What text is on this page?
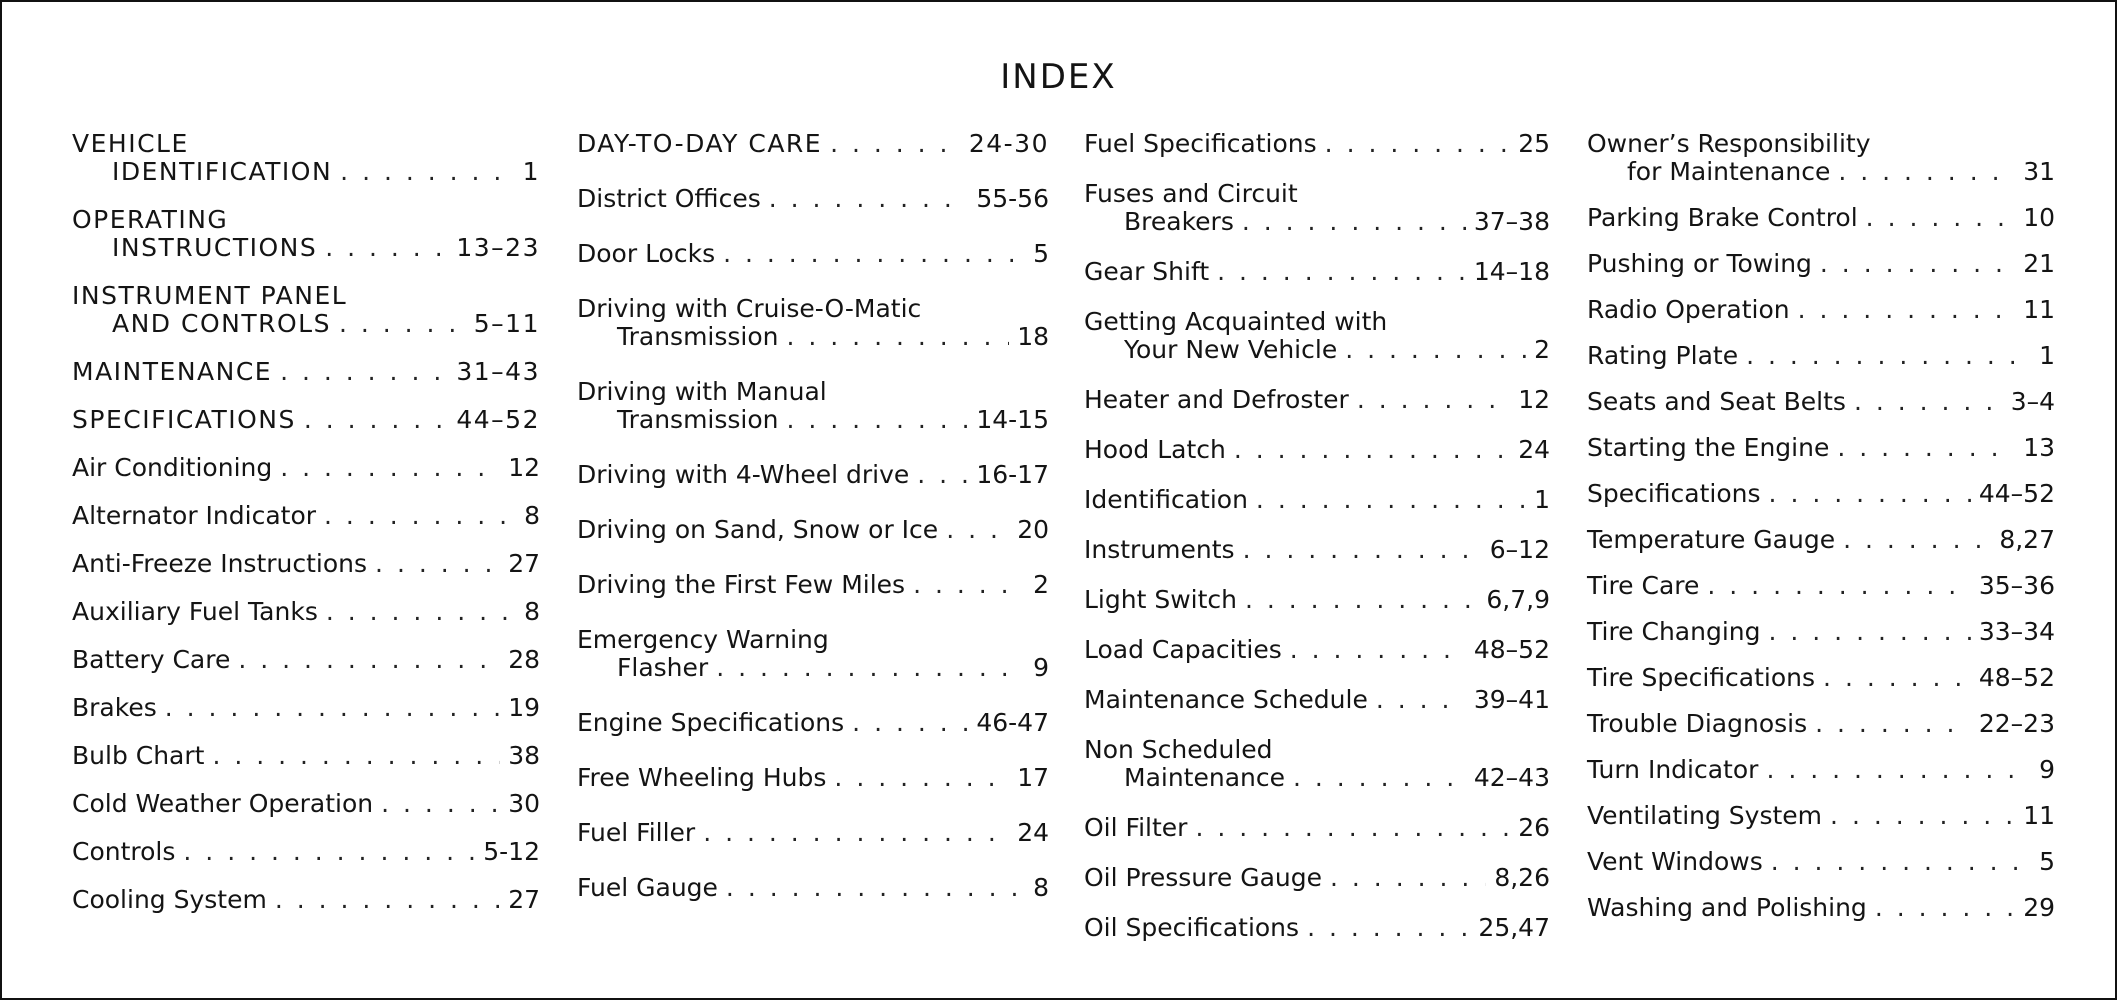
INDEX
VEHICLE
IDENTIFICATION . . .	1
OPERATING
INSTRUCTIONS . . .	13–23
INSTRUMENT PANEL
AND CONTROLS . . .	5–11
MAINTENANCE . . .	31–43
SPECIFICATIONS . . .	44–52
Air Conditioning . . .	12
Alternator Indicator . . .	8
Anti-Freeze Instructions . . .	27
Auxiliary Fuel Tanks . . .	8
Battery Care . . .	28
Brakes . . .	19
Bulb Chart . . .	38
Cold Weather Operation . . .	30
Controls . . .	5-12
Cooling System . . .	27
DAY-TO-DAY CARE . . .	24-30
District Offices . . .	55-56
Door Locks . . .	5
Driving with Cruise-O-Matic
Transmission . . .	18
Driving with Manual
Transmission . . .	14-15
Driving with 4-Wheel drive . . .	16-17
Driving on Sand, Snow or Ice . . .	20
Driving the First Few Miles . . .	2
Emergency Warning
Flasher . . .	9
Engine Specifications . . .	46-47
Free Wheeling Hubs . . .	17
Fuel Filler . . .	24
Fuel Gauge . . .	8
Fuel Specifications . . .	25
Fuses and Circuit
Breakers . . .	37–38
Gear Shift . . .	14–18
Getting Acquainted with
Your New Vehicle . . .	2
Heater and Defroster . . .	12
Hood Latch . . .	24
Identification . . .	1
Instruments . . .	6–12
Light Switch . . .	6,7,9
Load Capacities . . .	48–52
Maintenance Schedule . . .	39–41
Non Scheduled
Maintenance . . .	42–43
Oil Filter . . .	26
Oil Pressure Gauge . . .	8,26
Oil Specifications . . .	25,47
Owner’s Responsibility
for Maintenance . . .	31
Parking Brake Control . . .	10
Pushing or Towing . . .	21
Radio Operation . . .	11
Rating Plate . . .	1
Seats and Seat Belts . . .	3–4
Starting the Engine . . .	13
Specifications . . .	44–52
Temperature Gauge . . .	8,27
Tire Care . . .	35–36
Tire Changing . . .	33–34
Tire Specifications . . .	48–52
Trouble Diagnosis . . .	22–23
Turn Indicator . . .	9
Ventilating System . . .	11
Vent Windows . . .	5
Washing and Polishing . . .	29
